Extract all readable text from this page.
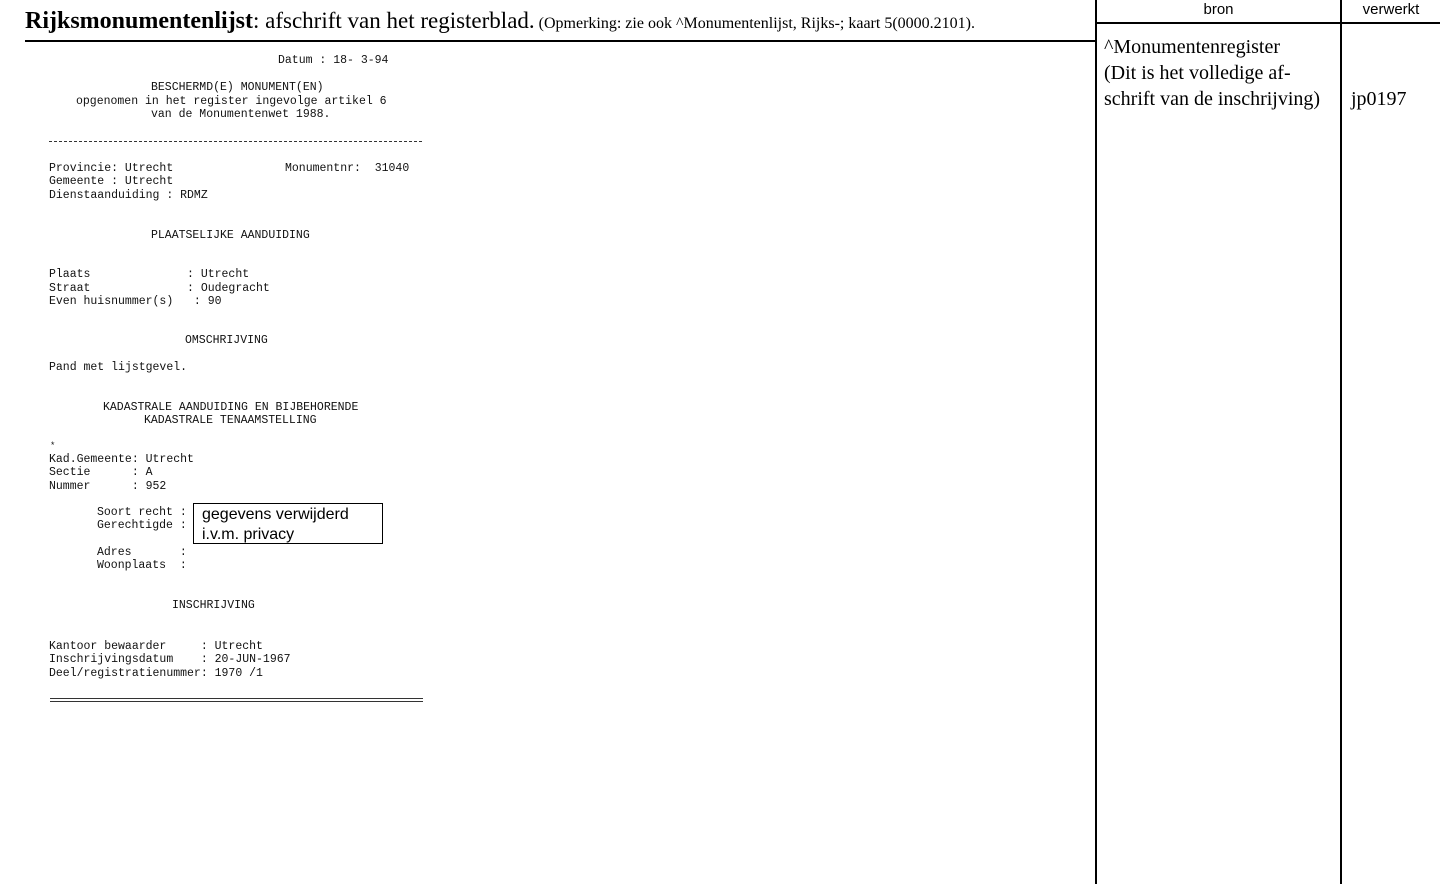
Rijksmonumentenlijst: afschrift van het registerblad. (Opmerking: zie ook ^Monumentenlijst, Rijks-; kaart 5(0000.2101).
bron	verwerkt
^Monumentenregister
(Dit is het volledige af-
schrift van de inschrijving)	jp0197
Datum : 18- 3-94
BESCHERMD(E) MONUMENT(EN)
opgenomen in het register ingevolge artikel 6
van de Monumentenwet 1988.
Provincie: Utrecht	Monumentnr:  31040
Gemeente : Utrecht
Dienstaanduiding : RDMZ
PLAATSELIJKE AANDUIDING
Plaats              : Utrecht
Straat              : Oudegracht
Even huisnummer(s)   : 90
OMSCHRIJVING
Pand met lijstgevel.
KADASTRALE AANDUIDING EN BIJBEHORENDE
KADASTRALE TENAAMSTELLING
*
Kad.Gemeente: Utrecht
Sectie      : A
Nummer      : 952
Soort recht :
Gerechtigde :
Adres       :
Woonplaats  :
gegevens verwijderd
i.v.m. privacy
INSCHRIJVING
Kantoor bewaarder     : Utrecht
Inschrijvingsdatum    : 20-JUN-1967
Deel/registratienummer: 1970 /1
